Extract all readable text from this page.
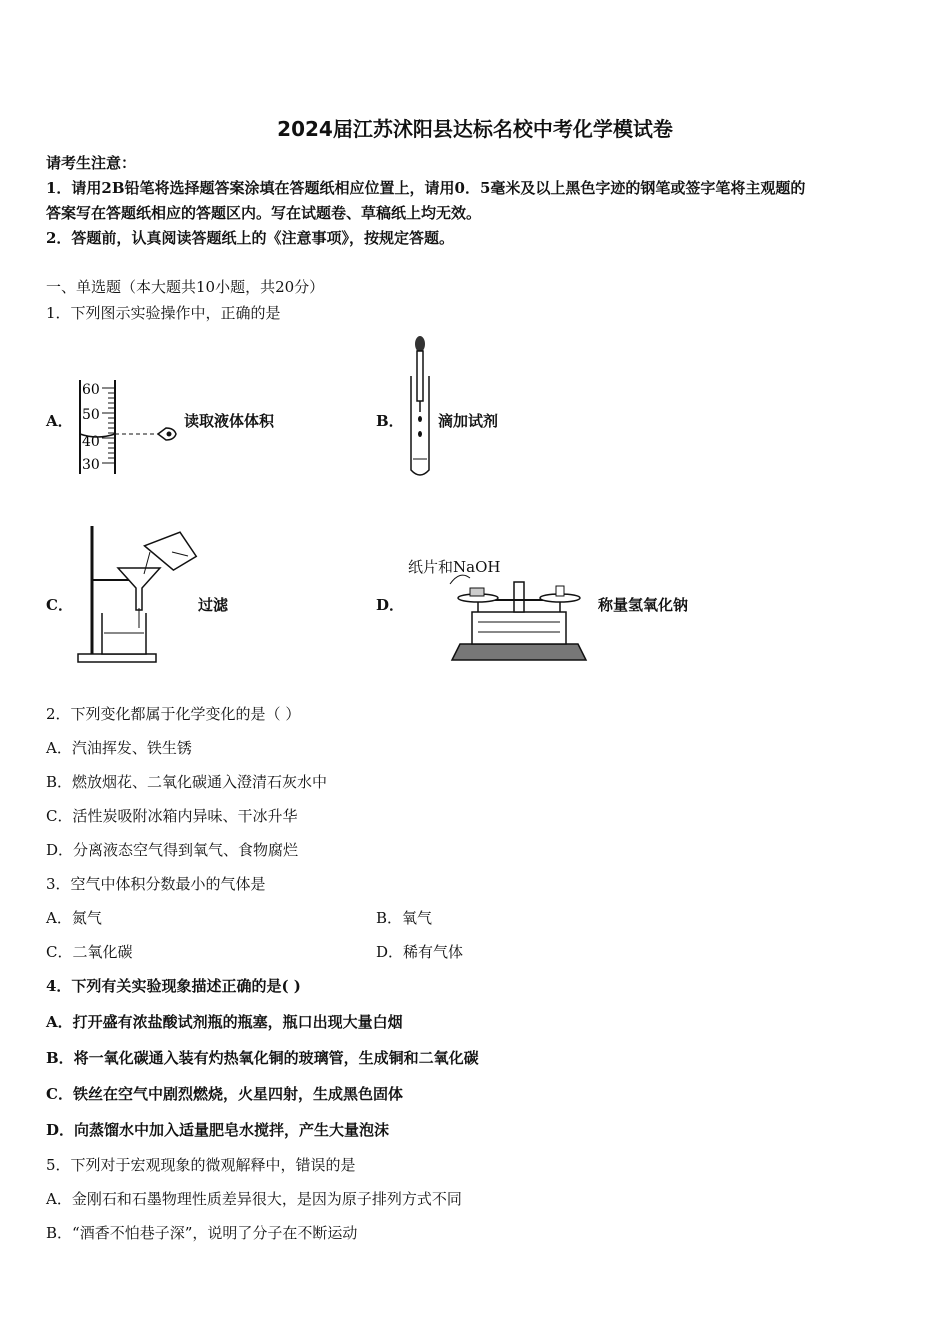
2024届江苏沭阳县达标名校中考化学模试卷
请考生注意：
1．请用2B铅笔将选择题答案涂填在答题纸相应位置上，请用0．5毫米及以上黑色字迹的钢笔或签字笔将主观题的
答案写在答题纸相应的答题区内。写在试题卷、草稿纸上均无效。
2．答题前，认真阅读答题纸上的《注意事项》，按规定答题。
一、单选题（本大题共10小题，共20分）
1．下列图示实验操作中，正确的是
A．
60
50
40
30
读取液体体积	B． 滴加试剂
C．	过滤	D．
纸片和NaOH
称量氢氧化钠
2．下列变化都属于化学变化的是（ ）
A．汽油挥发、铁生锈
B．燃放烟花、二氧化碳通入澄清石灰水中
C．活性炭吸附冰箱内异味、干冰升华
D．分离液态空气得到氧气、食物腐烂
3．空气中体积分数最小的气体是
A．氮气	B．氧气
C．二氧化碳	D．稀有气体
4．下列有关实验现象描述正确的是( )
A．打开盛有浓盐酸试剂瓶的瓶塞，瓶口出现大量白烟
B．将一氧化碳通入装有灼热氧化铜的玻璃管，生成铜和二氧化碳
C．铁丝在空气中剧烈燃烧，火星四射，生成黑色固体
D．向蒸馏水中加入适量肥皂水搅拌，产生大量泡沫
5．下列对于宏观现象的微观解释中，错误的是
A．金刚石和石墨物理性质差异很大，是因为原子排列方式不同
B．“酒香不怕巷子深”，说明了分子在不断运动
